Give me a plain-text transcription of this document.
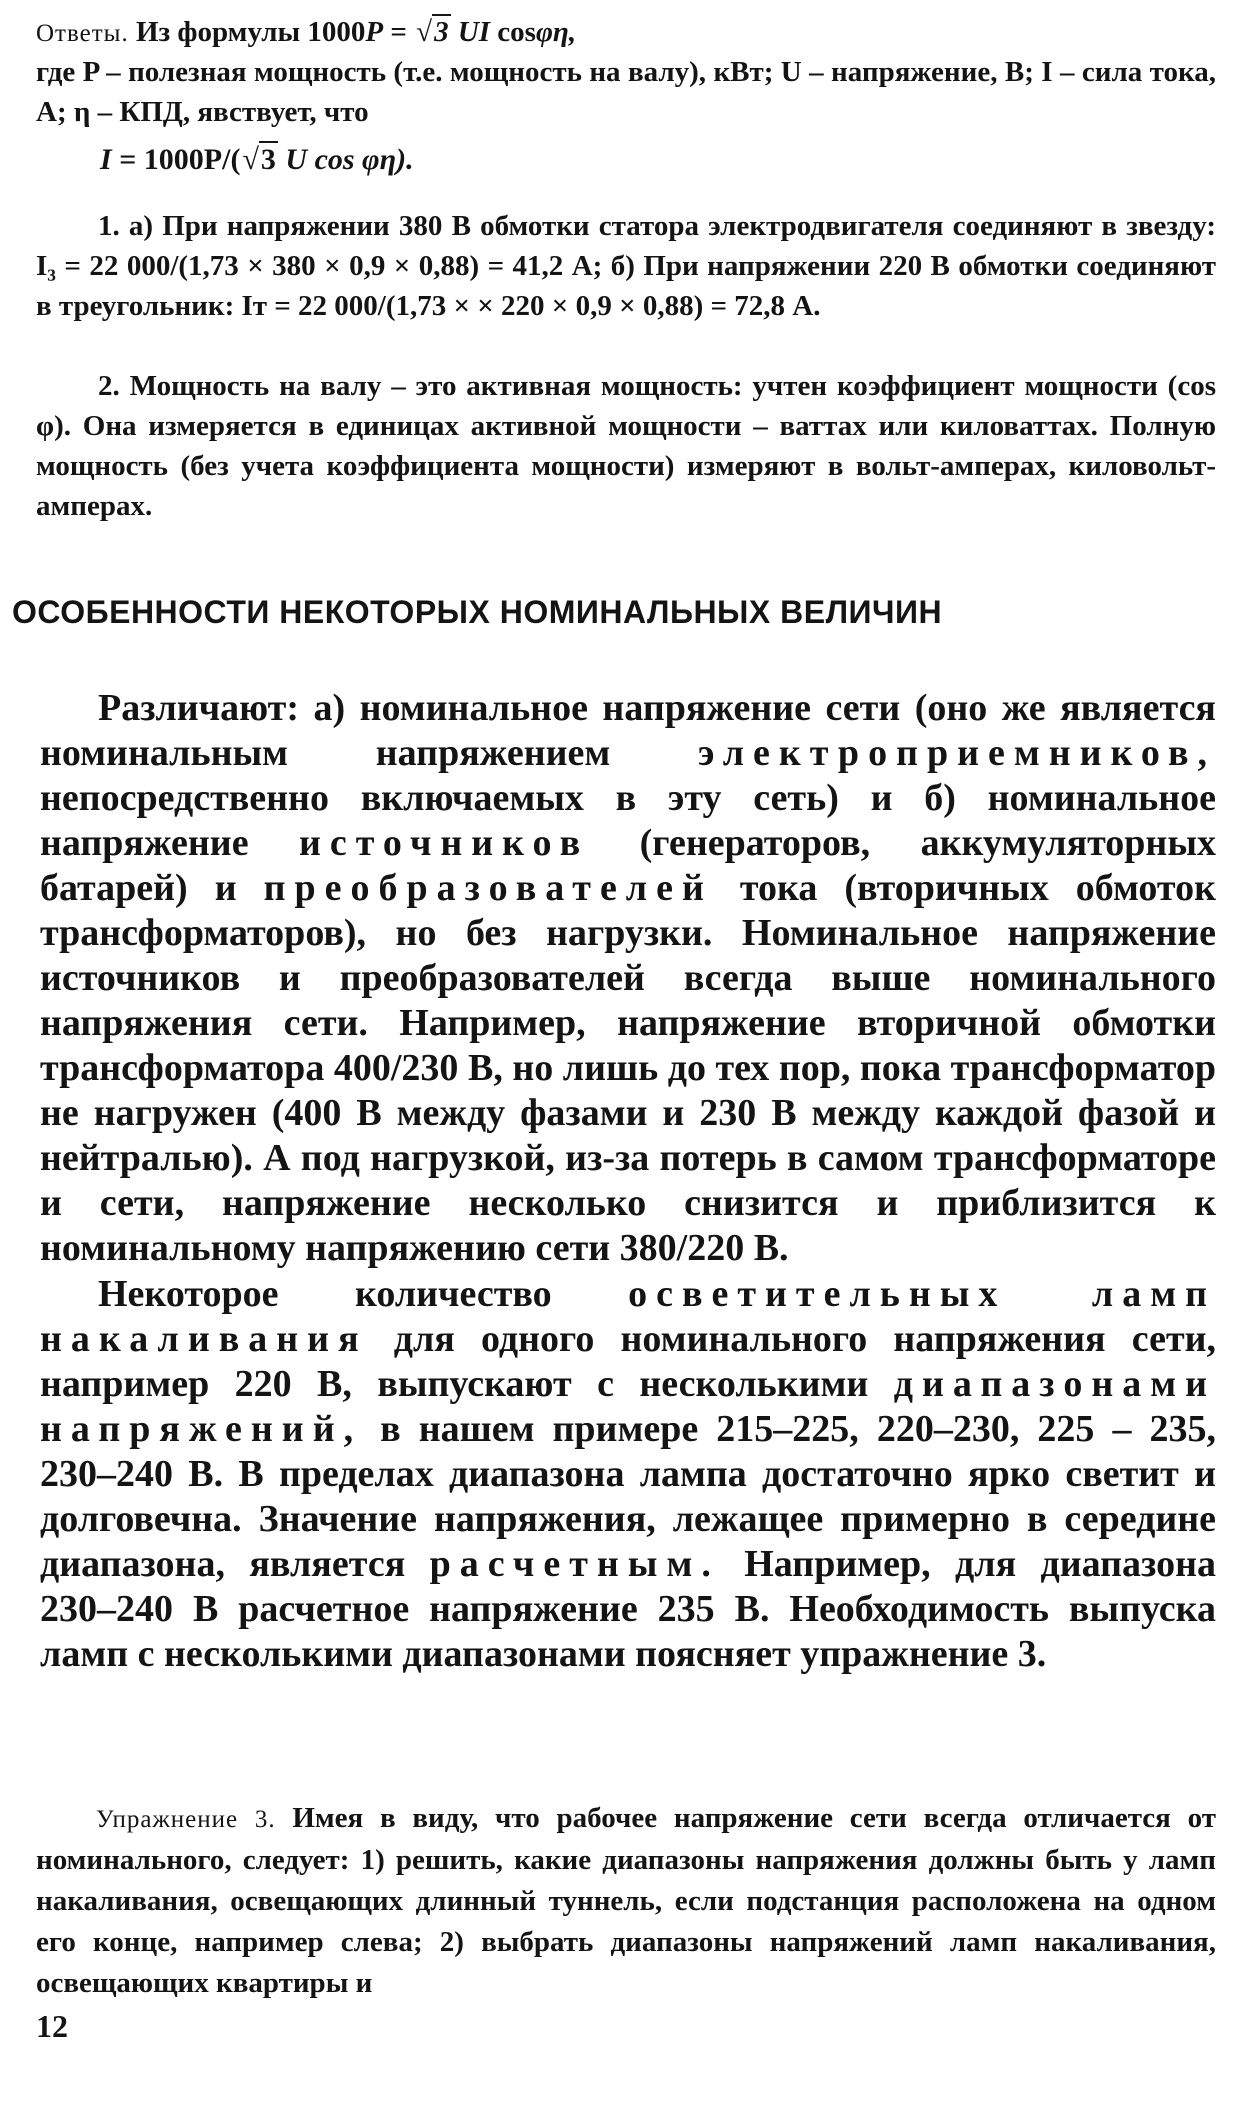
Ответы. Из формулы 1000P = √3 UI cosφη,

где P – полезная мощность (т.е. мощность на валу), кВт; U – напряжение, В; I – сила тока, А; η – КПД, явствует, что

I = 1000P/(√3 U cos φη).

1. а) При напряжении 380 В обмотки статора электродвигателя соединяют в звезду: I₃ = 22 000/(1,73 × 380 × 0,9 × 0,88) = 41,2 А; б) При напряжении 220 В обмотки соединяют в треугольник: Iт = 22 000/(1,73 × × 220 × 0,9 × 0,88) = 72,8 А.

2. Мощность на валу – это активная мощность: учтен коэффициент мощности (cos φ). Она измеряется в единицах активной мощности – ваттах или киловаттах. Полную мощность (без учета коэффициента мощности) измеряют в вольт-амперах, киловольт-амперах.

ОСОБЕННОСТИ НЕКОТОРЫХ НОМИНАЛЬНЫХ ВЕЛИЧИН

Различают: а) номинальное напряжение сети (оно же является номинальным напряжением электроприемников, непосредственно включаемых в эту сеть) и б) номинальное напряжение источников (генераторов, аккумуляторных батарей) и преобразователей тока (вторичных обмоток трансформаторов), но без нагрузки. Номинальное напряжение источников и преобразователей всегда выше номинального напряжения сети. Например, напряжение вторичной обмотки трансформатора 400/230 В, но лишь до тех пор, пока трансформатор не нагружен (400 В между фазами и 230 В между каждой фазой и нейтралью). А под нагрузкой, из-за потерь в самом трансформаторе и сети, напряжение несколько снизится и приблизится к номинальному напряжению сети 380/220 В.

Некоторое количество осветительных ламп накаливания для одного номинального напряжения сети, например 220 В, выпускают с несколькими диапазонами напряжений, в нашем примере 215–225, 220–230, 225 – 235, 230–240 В. В пределах диапазона лампа достаточно ярко светит и долговечна. Значение напряжения, лежащее примерно в середине диапазона, является расчетным. Например, для диапазона 230–240 В расчетное напряжение 235 В. Необходимость выпуска ламп с несколькими диапазонами поясняет упражнение 3.

Упражнение 3. Имея в виду, что рабочее напряжение сети всегда отличается от номинального, следует: 1) решить, какие диапазоны напряжения должны быть у ламп накаливания, освещающих длинный туннель, если подстанция расположена на одном его конце, например слева; 2) выбрать диапазоны напряжений ламп накаливания, освещающих квартиры и

12
